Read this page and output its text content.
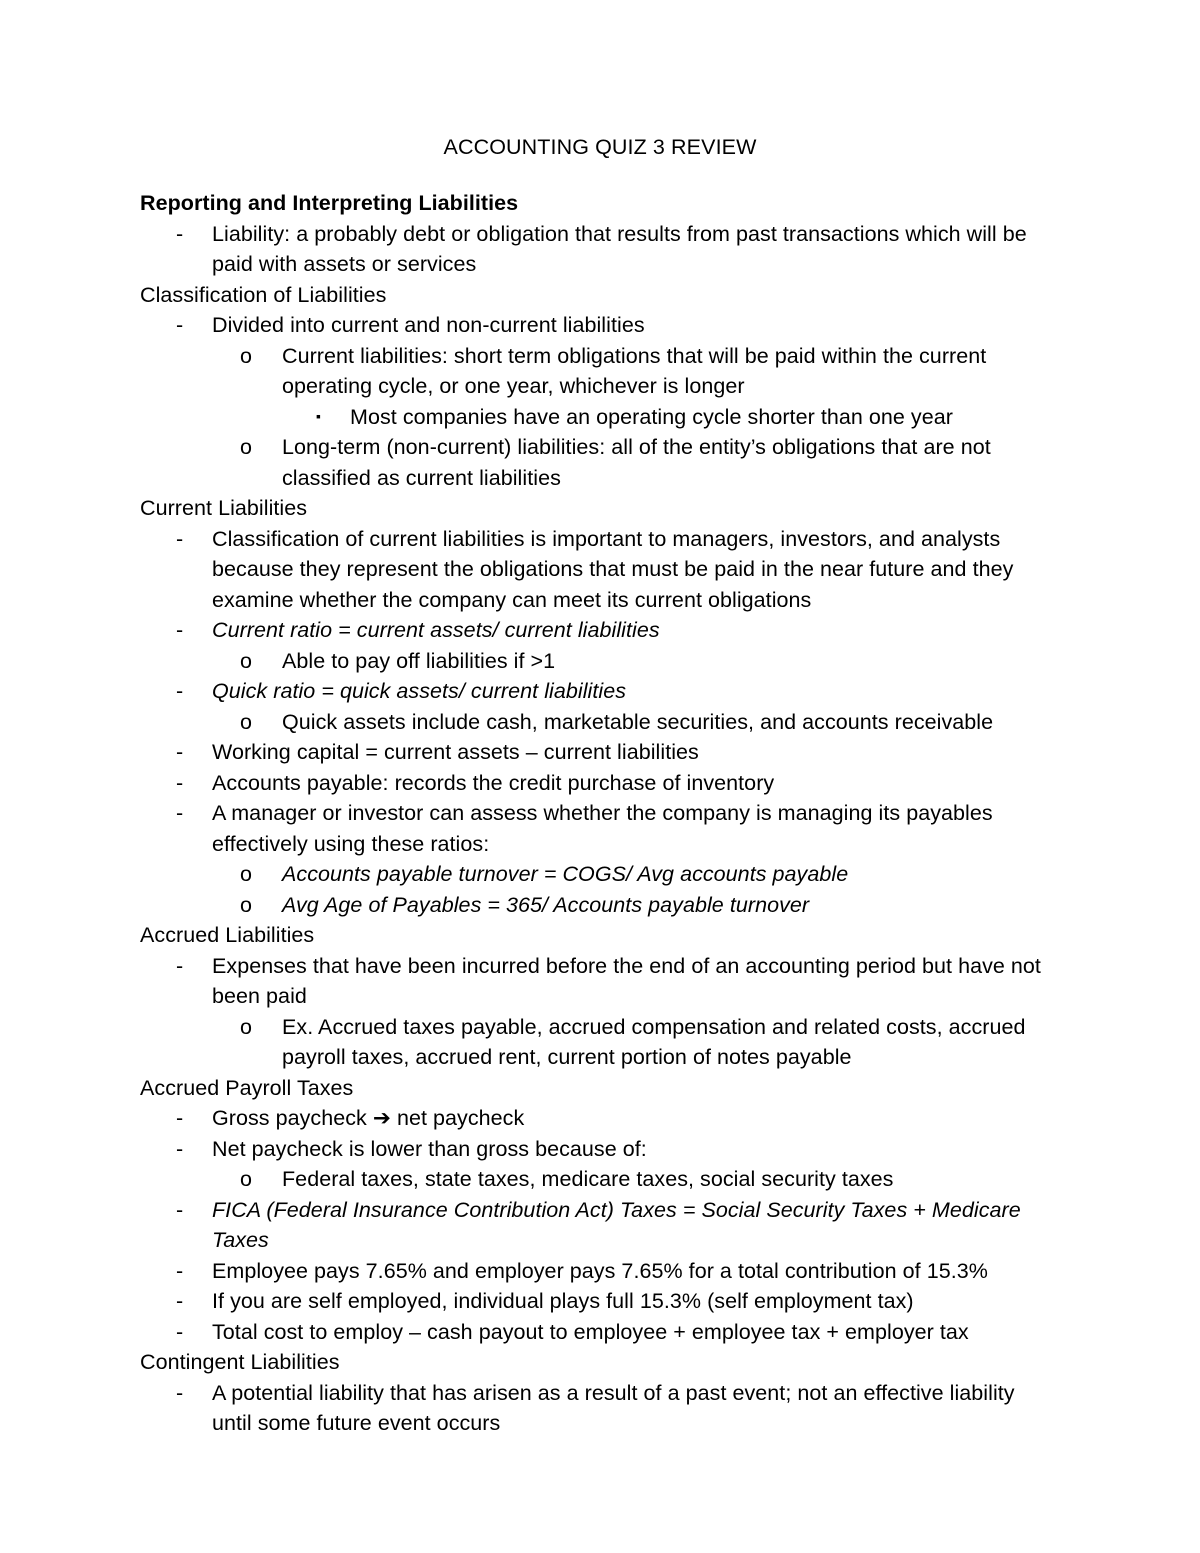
ACCOUNTING QUIZ 3 REVIEW
Reporting and Interpreting Liabilities
- Liability: a probably debt or obligation that results from past transactions which will be paid with assets or services
Classification of Liabilities
- Divided into current and non-current liabilities
o Current liabilities: short term obligations that will be paid within the current operating cycle, or one year, whichever is longer
▪ Most companies have an operating cycle shorter than one year
o Long-term (non-current) liabilities: all of the entity’s obligations that are not classified as current liabilities
Current Liabilities
- Classification of current liabilities is important to managers, investors, and analysts because they represent the obligations that must be paid in the near future and they examine whether the company can meet its current obligations
- Current ratio = current assets/ current liabilities
o Able to pay off liabilities if >1
- Quick ratio = quick assets/ current liabilities
o Quick assets include cash, marketable securities, and accounts receivable
- Working capital = current assets – current liabilities
- Accounts payable: records the credit purchase of inventory
- A manager or investor can assess whether the company is managing its payables effectively using these ratios:
o Accounts payable turnover = COGS/ Avg accounts payable
o Avg Age of Payables = 365/ Accounts payable turnover
Accrued Liabilities
- Expenses that have been incurred before the end of an accounting period but have not been paid
o Ex. Accrued taxes payable, accrued compensation and related costs, accrued payroll taxes, accrued rent, current portion of notes payable
Accrued Payroll Taxes
- Gross paycheck ➔ net paycheck
- Net paycheck is lower than gross because of:
o Federal taxes, state taxes, medicare taxes, social security taxes
- FICA (Federal Insurance Contribution Act) Taxes = Social Security Taxes + Medicare Taxes
- Employee pays 7.65% and employer pays 7.65% for a total contribution of 15.3%
- If you are self employed, individual plays full 15.3% (self employment tax)
- Total cost to employ – cash payout to employee + employee tax + employer tax
Contingent Liabilities
- A potential liability that has arisen as a result of a past event; not an effective liability until some future event occurs
